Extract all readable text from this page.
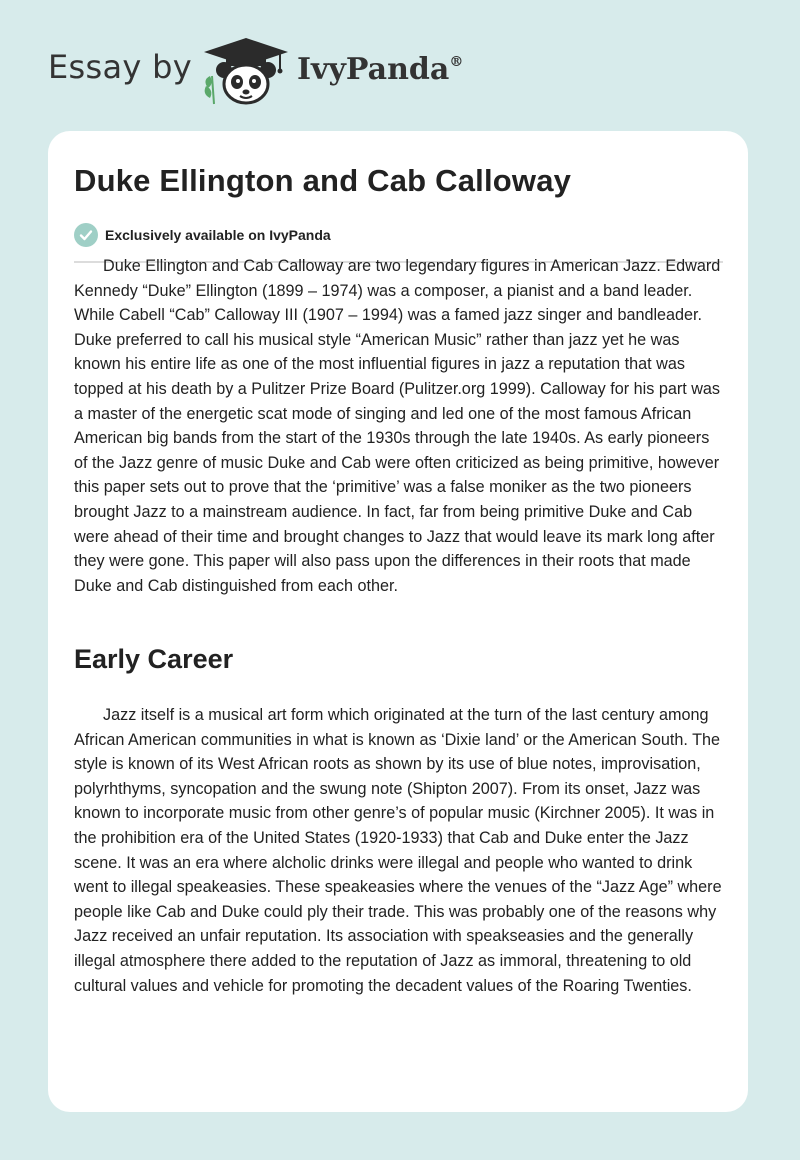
Essay by	IvyPanda®
Duke Ellington and Cab Calloway
Exclusively available on IvyPanda

Duke Ellington and Cab Calloway are two legendary figures in American Jazz. Edward Kennedy “Duke” Ellington (1899 – 1974) was a composer, a pianist and a band leader. While Cabell “Cab” Calloway III (1907 – 1994) was a famed jazz singer and bandleader. Duke preferred to call his musical style “American Music” rather than jazz yet he was known his entire life as one of the most influential figures in jazz a reputation that was topped at his death by a Pulitzer Prize Board (Pulitzer.org 1999). Calloway for his part was a master of the energetic scat mode of singing and led one of the most famous African American big bands from the start of the 1930s through the late 1940s. As early pioneers of the Jazz genre of music Duke and Cab were often criticized as being primitive, however this paper sets out to prove that the ‘primitive’ was a false moniker as the two pioneers brought Jazz to a mainstream audience. In fact, far from being primitive Duke and Cab were ahead of their time and brought changes to Jazz that would leave its mark long after they were gone. This paper will also pass upon the differences in their roots that made Duke and Cab distinguished from each other.

Early Career

Jazz itself is a musical art form which originated at the turn of the last century among African American communities in what is known as ‘Dixie land’ or the American South. The style is known of its West African roots as shown by its use of blue notes, improvisation, polyrhthyms, syncopation and the swung note (Shipton 2007). From its onset, Jazz was known to incorporate music from other genre’s of popular music (Kirchner 2005). It was in the prohibition era of the United States (1920-1933) that Cab and Duke enter the Jazz scene. It was an era where alcholic drinks were illegal and people who wanted to drink went to illegal speakeasies. These speakeasies where the venues of the “Jazz Age” where people like Cab and Duke could ply their trade. This was probably one of the reasons why Jazz received an unfair reputation. Its association with speakseasies and the generally illegal atmosphere there added to the reputation of Jazz as immoral, threatening to old cultural values and vehicle for promoting the decadent values of the Roaring Twenties.
